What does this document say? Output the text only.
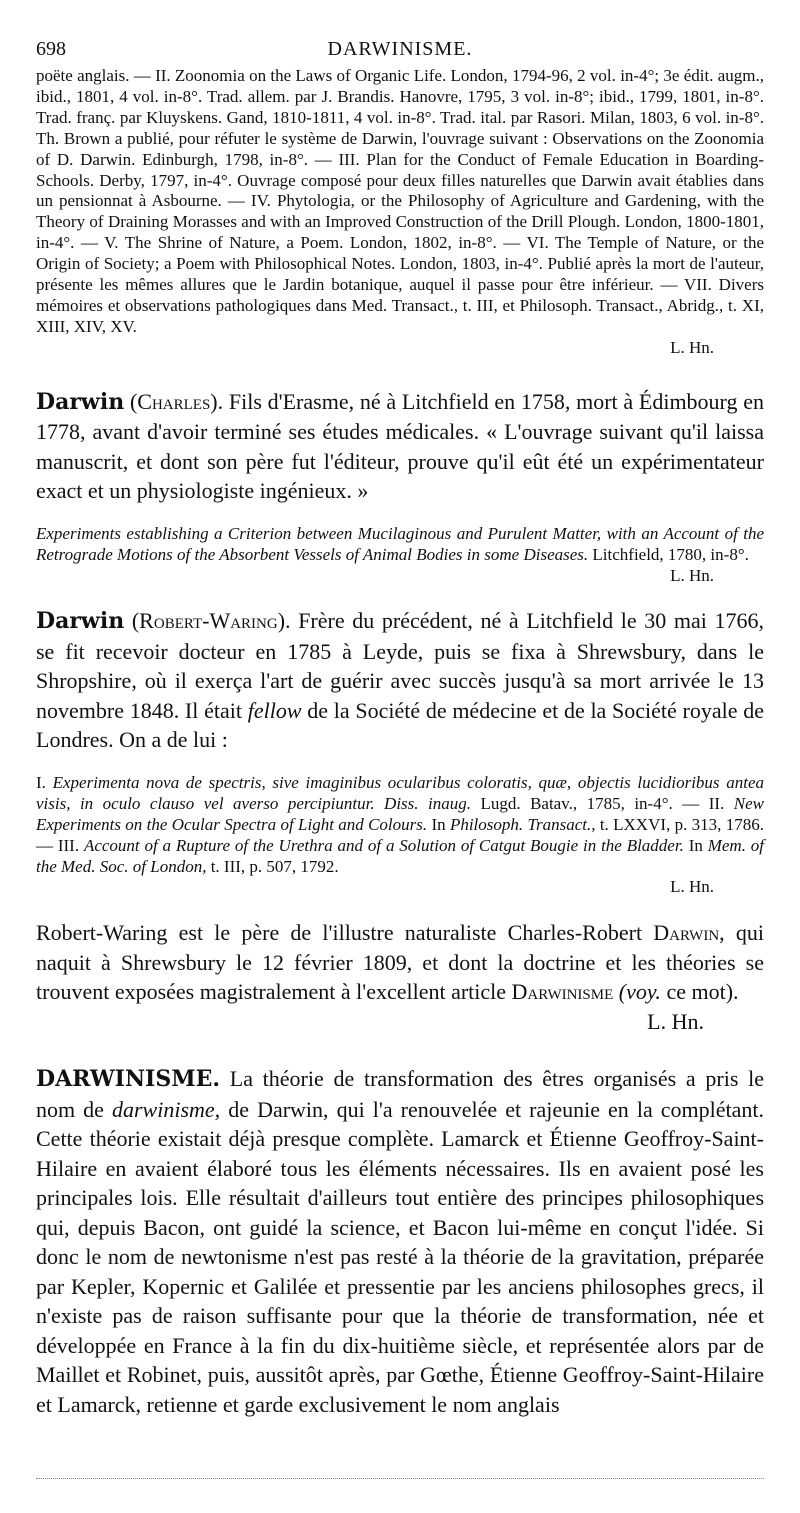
698	DARWINISME.

poëte anglais. — II. Zoonomia on the Laws of Organic Life. London, 1794-96, 2 vol. in-4°; 3e édit. augm., ibid., 1801, 4 vol. in-8°. Trad. allem. par J. Brandis. Hanovre, 1795, 3 vol. in-8°; ibid., 1799, 1801, in-8°. Trad. franç. par Kluyskens. Gand, 1810-1811, 4 vol. in-8°. Trad. ital. par Rasori. Milan, 1803, 6 vol. in-8°. Th. Brown a publié, pour réfuter le système de Darwin, l'ouvrage suivant : Observations on the Zoonomia of D. Darwin. Edinburgh, 1798, in-8°. — III. Plan for the Conduct of Female Education in Boarding-Schools. Derby, 1797, in-4°. Ouvrage composé pour deux filles naturelles que Darwin avait établies dans un pensionnat à Asbourne. — IV. Phytologia, or the Philosophy of Agriculture and Gardening, with the Theory of Draining Morasses and with an Improved Construction of the Drill Plough. London, 1800-1801, in-4°. — V. The Shrine of Nature, a Poem. London, 1802, in-8°. — VI. The Temple of Nature, or the Origin of Society; a Poem with Philosophical Notes. London, 1803, in-4°. Publié après la mort de l'auteur, présente les mêmes allures que le Jardin botanique, auquel il passe pour être inférieur. — VII. Divers mémoires et observations pathologiques dans Med. Transact., t. III, et Philosoph. Transact., Abridg., t. XI, XIII, XIV, XV.
L. Hn.

Darwin (Charles). Fils d'Erasme, né à Litchfield en 1758, mort à Édimbourg en 1778, avant d'avoir terminé ses études médicales. « L'ouvrage suivant qu'il laissa manuscrit, et dont son père fut l'éditeur, prouve qu'il eût été un expérimentateur exact et un physiologiste ingénieux. »

Experiments establishing a Criterion between Mucilaginous and Purulent Matter, with an Account of the Retrograde Motions of the Absorbent Vessels of Animal Bodies in some Diseases. Litchfield, 1780, in-8°.
L. Hn.

Darwin (Robert-Waring). Frère du précédent, né à Litchfield le 30 mai 1766, se fit recevoir docteur en 1785 à Leyde, puis se fixa à Shrewsbury, dans le Shropshire, où il exerça l'art de guérir avec succès jusqu'à sa mort arrivée le 13 novembre 1848. Il était fellow de la Société de médecine et de la Société royale de Londres. On a de lui :

I. Experimenta nova de spectris, sive imaginibus ocularibus coloratis, quæ, objectis lucidioribus antea visis, in oculo clauso vel averso percipiuntur. Diss. inaug. Lugd. Batav., 1785, in-4°. — II. New Experiments on the Ocular Spectra of Light and Colours. In Philosoph. Transact., t. LXXVI, p. 313, 1786. — III. Account of a Rupture of the Urethra and of a Solution of Catgut Bougie in the Bladder. In Mem. of the Med. Soc. of London, t. III, p. 507, 1792.
L. Hn.

Robert-Waring est le père de l'illustre naturaliste Charles-Robert Darwin, qui naquit à Shrewsbury le 12 février 1809, et dont la doctrine et les théories se trouvent exposées magistralement à l'excellent article Darwinisme (voy. ce mot).
L. Hn.

DARWINISME. La théorie de transformation des êtres organisés a pris le nom de darwinisme, de Darwin, qui l'a renouvelée et rajeunie en la complétant. Cette théorie existait déjà presque complète. Lamarck et Étienne Geoffroy-Saint-Hilaire en avaient élaboré tous les éléments nécessaires. Ils en avaient posé les principales lois. Elle résultait d'ailleurs tout entière des principes philosophiques qui, depuis Bacon, ont guidé la science, et Bacon lui-même en conçut l'idée. Si donc le nom de newtonisme n'est pas resté à la théorie de la gravitation, préparée par Kepler, Kopernic et Galilée et pressentie par les anciens philosophes grecs, il n'existe pas de raison suffisante pour que la théorie de transformation, née et développée en France à la fin du dix-huitième siècle, et représentée alors par de Maillet et Robinet, puis, aussitôt après, par Gœthe, Étienne Geoffroy-Saint-Hilaire et Lamarck, retienne et garde exclusivement le nom anglais
